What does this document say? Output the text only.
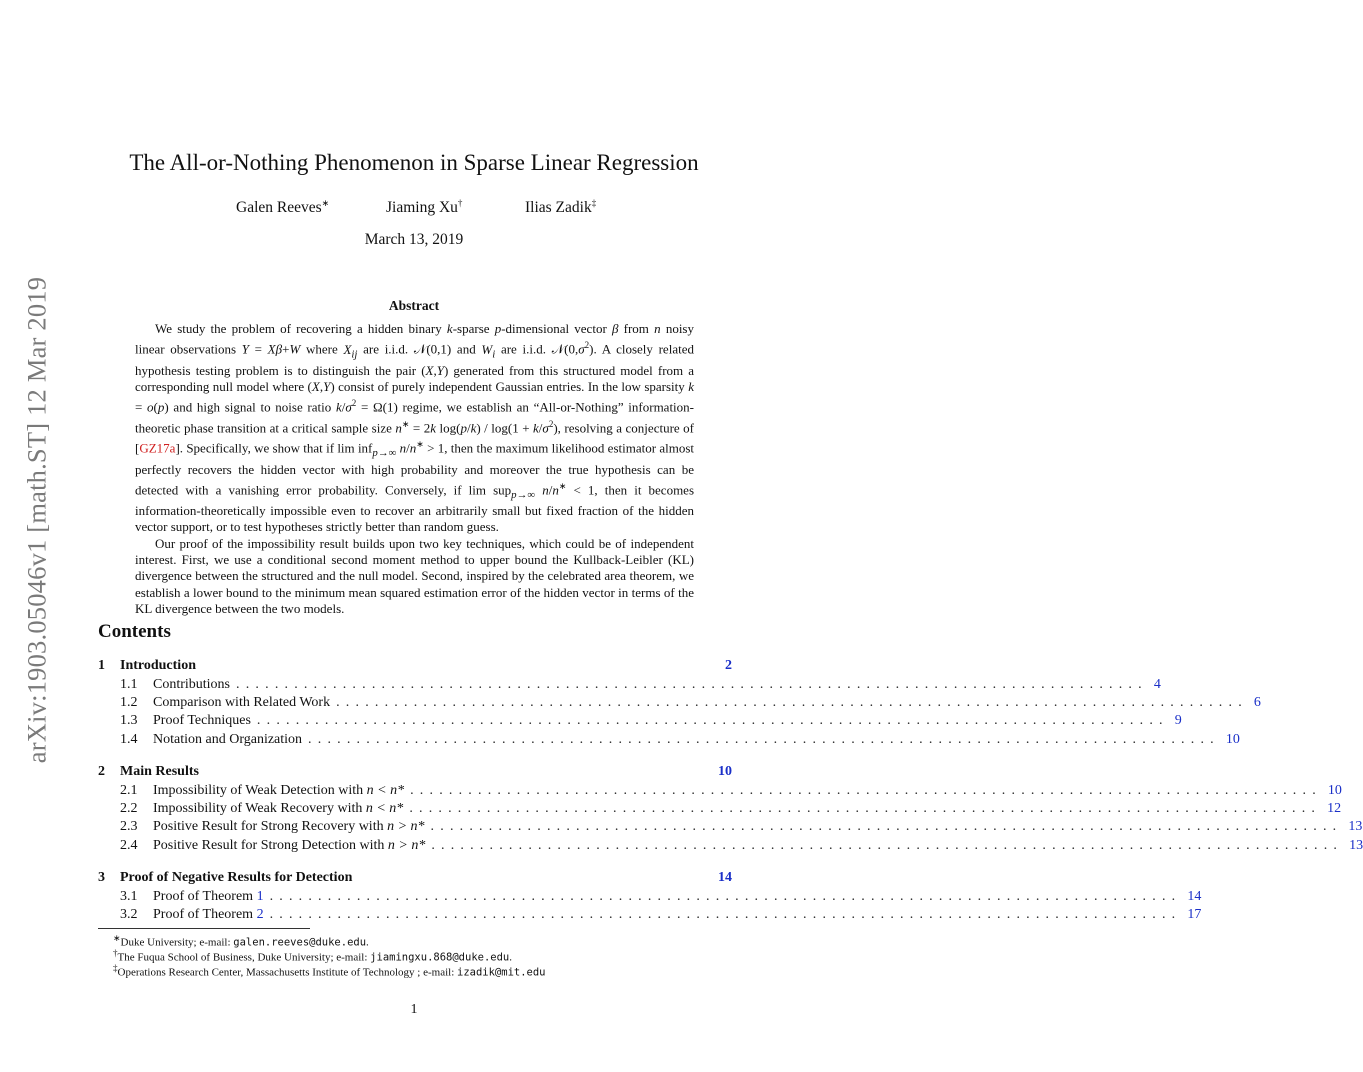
arXiv:1903.05046v1 [math.ST] 12 Mar 2019
The All-or-Nothing Phenomenon in Sparse Linear Regression
Galen Reeves∗	Jiaming Xu†	Ilias Zadik‡
March 13, 2019
Abstract

We study the problem of recovering a hidden binary k-sparse p-dimensional vector β from n noisy linear observations Y = Xβ+W where $X_{ij}$ are i.i.d. 𝒩(0,1) and $W_i$ are i.i.d. $𝒩(0,\sigma^2)$. A closely related hypothesis testing problem is to distinguish the pair (X,Y) generated from this structured model from a corresponding null model where (X,Y) consist of purely independent Gaussian entries. In the low sparsity k = o(p) and high signal to noise ratio $k/\sigma^2 = \Omega(1)$ regime, we establish an “All-or-Nothing” information-theoretic phase transition at a critical sample size n∗ = 2k $\log(p/k) / \log(1 + k/\sigma^2)$, resolving a conjecture of [GZ17a]. Specifically, we show that if lim inf$_{p\to\infty}$ n/n∗ > 1, then the maximum likelihood estimator almost perfectly recovers the hidden vector with high probability and moreover the true hypothesis can be detected with a vanishing error probability. Conversely, if lim sup$_{p\to\infty}$ n/n∗ < 1, then it becomes information-theoretically impossible even to recover an arbitrarily small but fixed fraction of the hidden vector support, or to test hypotheses strictly better than random guess.

Our proof of the impossibility result builds upon two key techniques, which could be of independent interest. First, we use a conditional second moment method to upper bound the Kullback-Leibler (KL) divergence between the structured and the null model. Second, inspired by the celebrated area theorem, we establish a lower bound to the minimum mean squared estimation error of the hidden vector in terms of the KL divergence between the two models.

Contents
1	Introduction	2
1.1	Contributions .............................................................................................. 4
1.2	Comparison with Related Work .............................................................................................. 6
1.3	Proof Techniques .............................................................................................. 9
1.4	Notation and Organization .............................................................................................. 10
2	Main Results	10
2.1	Impossibility of Weak Detection with n < n* .............................................................................................. 10
2.2	Impossibility of Weak Recovery with n < n* .............................................................................................. 12
2.3	Positive Result for Strong Recovery with n > n* .............................................................................................. 13
2.4	Positive Result for Strong Detection with n > n* .............................................................................................. 13
3	Proof of Negative Results for Detection	14
3.1	Proof of Theorem 1 .............................................................................................. 14
3.2	Proof of Theorem 2 .............................................................................................. 17
∗Duke University; e-mail: galen.reeves@duke.edu.
†The Fuqua School of Business, Duke University; e-mail: jiamingxu.868@duke.edu.
‡Operations Research Center, Massachusetts Institute of Technology ; e-mail: izadik@mit.edu
1
